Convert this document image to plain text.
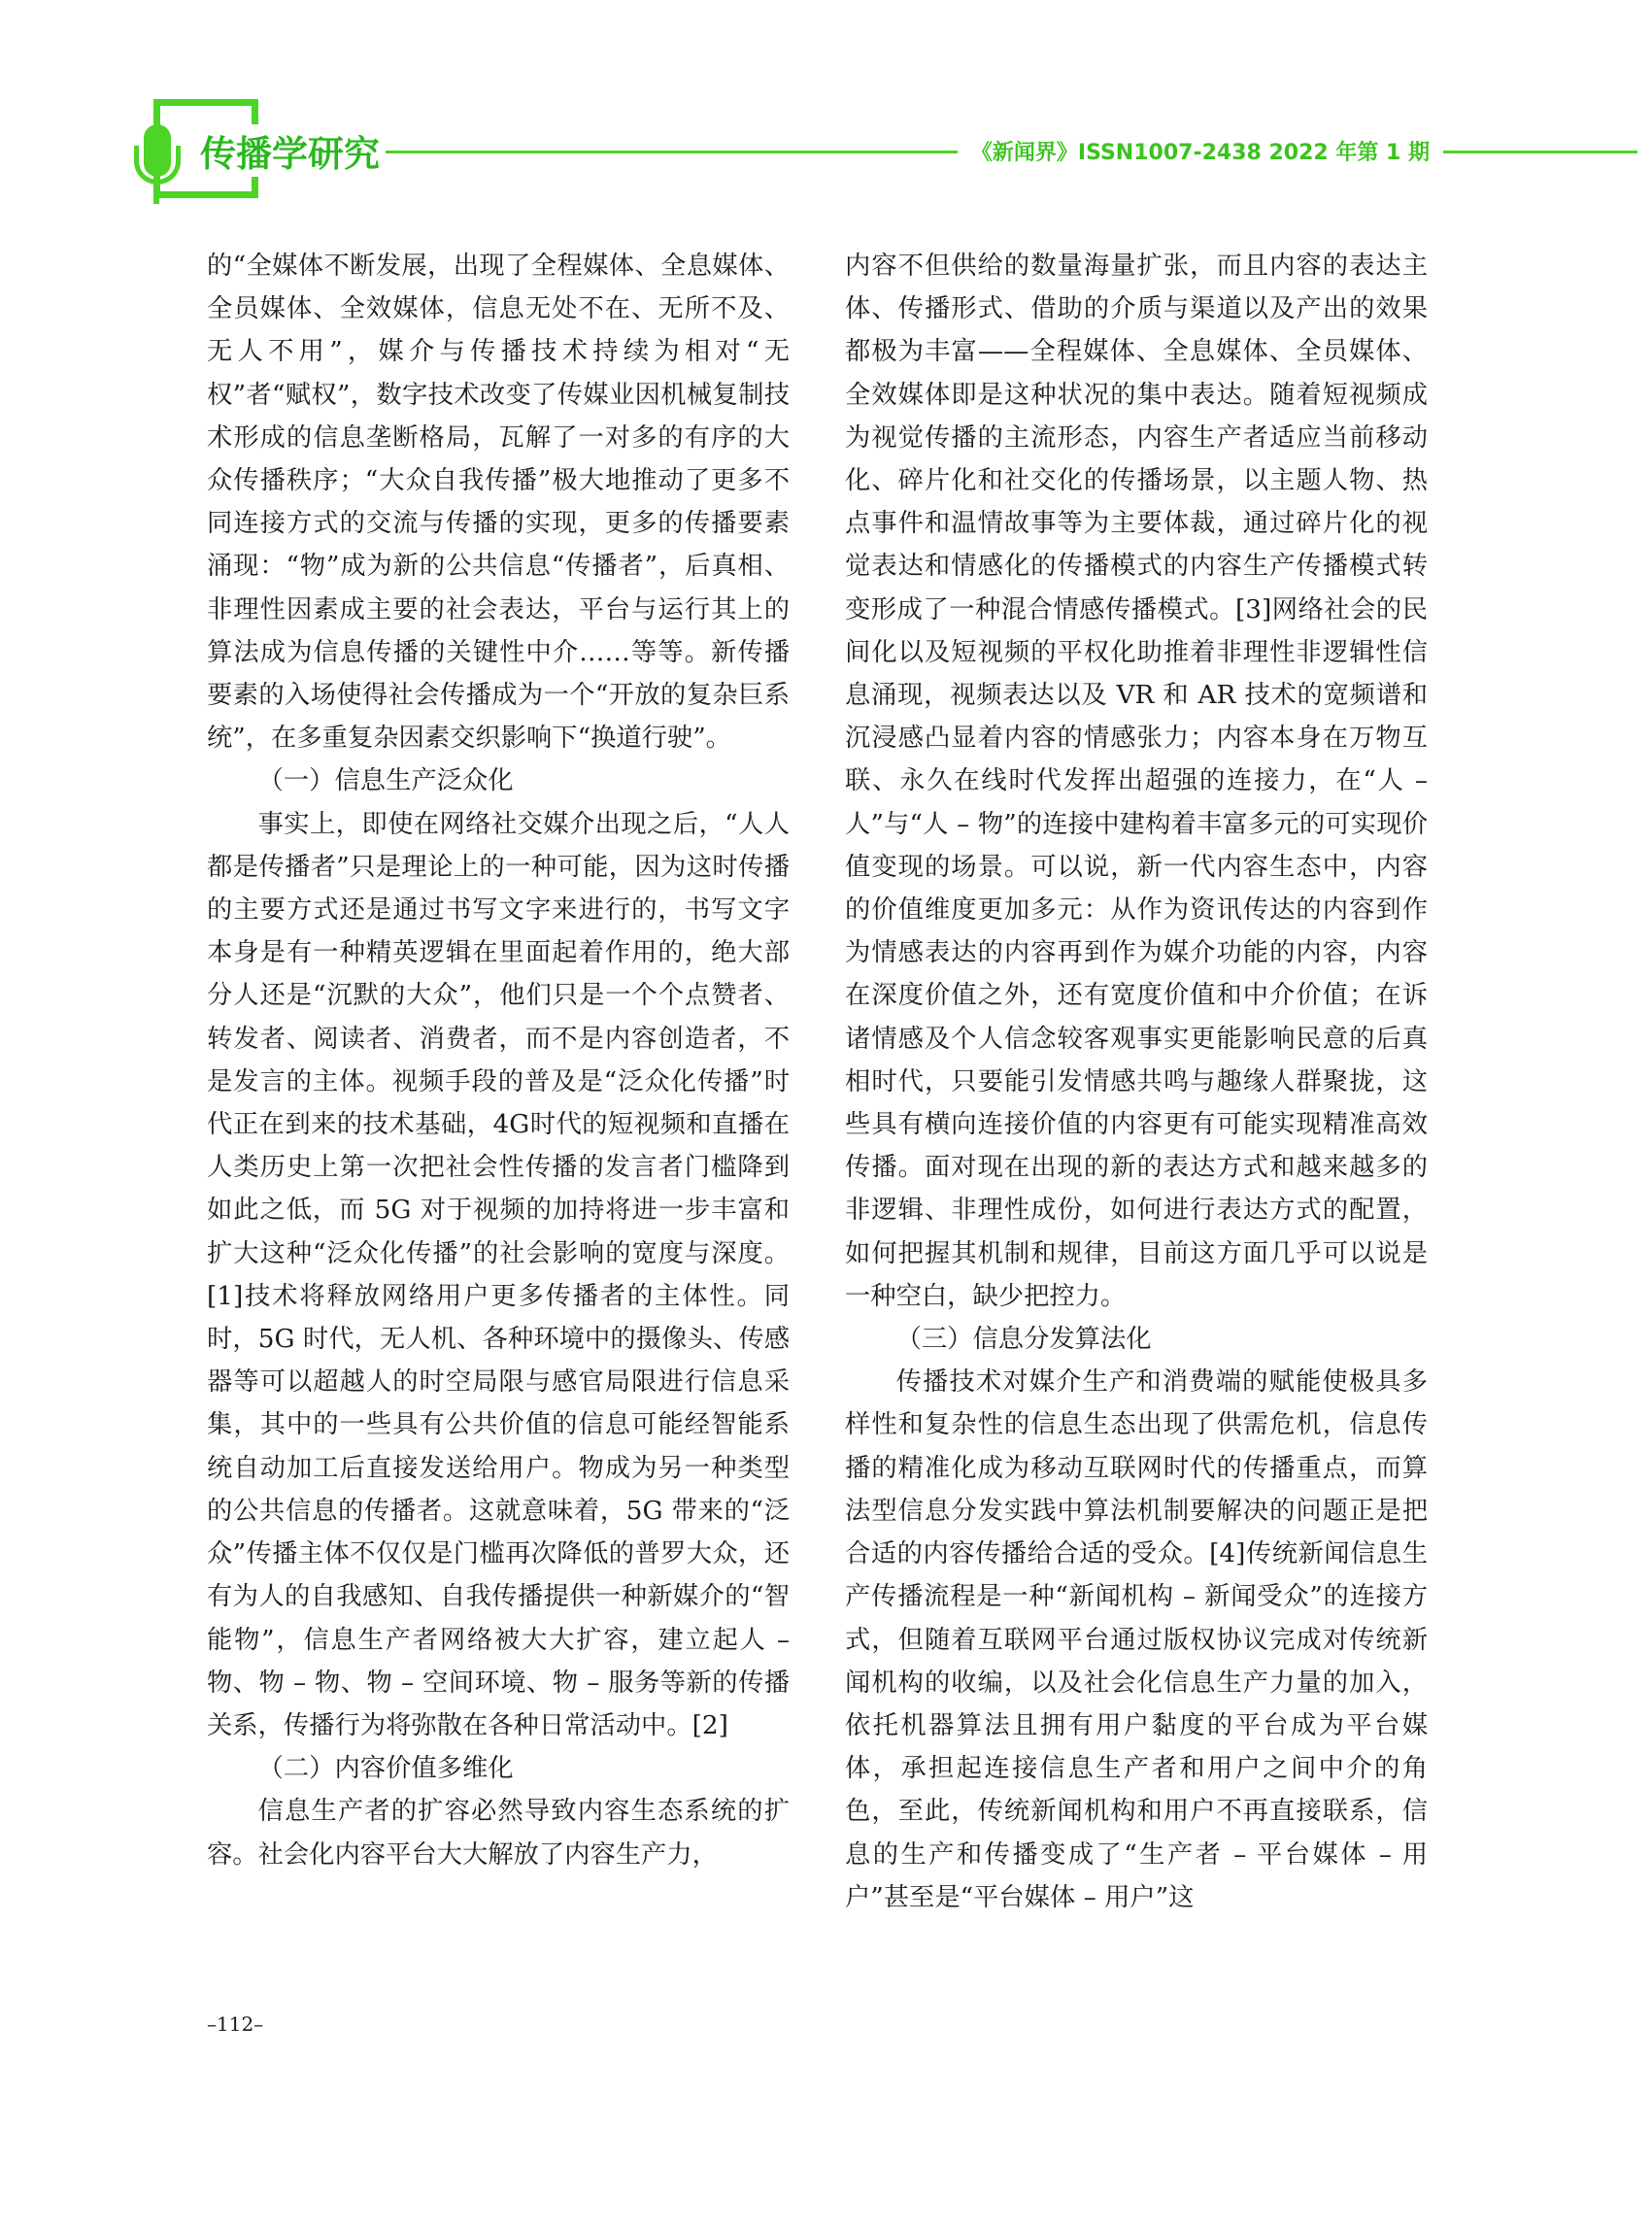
传播学研究	《新闻界》ISSN1007-2438 2022 年第 1 期

的“全媒体不断发展，出现了全程媒体、全息媒体、全员媒体、全效媒体，信息无处不在、无所不及、无人不用”，媒介与传播技术持续为相对“无权”者“赋权”，数字技术改变了传媒业因机械复制技术形成的信息垄断格局，瓦解了一对多的有序的大众传播秩序；“大众自我传播”极大地推动了更多不同连接方式的交流与传播的实现，更多的传播要素涌现：“物”成为新的公共信息“传播者”，后真相、非理性因素成主要的社会表达，平台与运行其上的算法成为信息传播的关键性中介……等等。新传播要素的入场使得社会传播成为一个“开放的复杂巨系统”，在多重复杂因素交织影响下“换道行驶”。

（一）信息生产泛众化

事实上，即使在网络社交媒介出现之后，“人人都是传播者”只是理论上的一种可能，因为这时传播的主要方式还是通过书写文字来进行的，书写文字本身是有一种精英逻辑在里面起着作用的，绝大部分人还是“沉默的大众”，他们只是一个个点赞者、转发者、阅读者、消费者，而不是内容创造者，不是发言的主体。视频手段的普及是“泛众化传播”时代正在到来的技术基础，4G时代的短视频和直播在人类历史上第一次把社会性传播的发言者门槛降到如此之低，而 5G 对于视频的加持将进一步丰富和扩大这种“泛众化传播”的社会影响的宽度与深度。[1]技术将释放网络用户更多传播者的主体性。同时，5G 时代，无人机、各种环境中的摄像头、传感器等可以超越人的时空局限与感官局限进行信息采集，其中的一些具有公共价值的信息可能经智能系统自动加工后直接发送给用户。物成为另一种类型的公共信息的传播者。这就意味着，5G 带来的“泛众”传播主体不仅仅是门槛再次降低的普罗大众，还有为人的自我感知、自我传播提供一种新媒介的“智能物”，信息生产者网络被大大扩容，建立起人 – 物、物 – 物、物 – 空间环境、物 – 服务等新的传播关系，传播行为将弥散在各种日常活动中。[2]

（二）内容价值多维化

信息生产者的扩容必然导致内容生态系统的扩容。社会化内容平台大大解放了内容生产力，

内容不但供给的数量海量扩张，而且内容的表达主体、传播形式、借助的介质与渠道以及产出的效果都极为丰富——全程媒体、全息媒体、全员媒体、全效媒体即是这种状况的集中表达。随着短视频成为视觉传播的主流形态，内容生产者适应当前移动化、碎片化和社交化的传播场景，以主题人物、热点事件和温情故事等为主要体裁，通过碎片化的视觉表达和情感化的传播模式的内容生产传播模式转变形成了一种混合情感传播模式。[3]网络社会的民间化以及短视频的平权化助推着非理性非逻辑性信息涌现，视频表达以及 VR 和 AR 技术的宽频谱和沉浸感凸显着内容的情感张力；内容本身在万物互联、永久在线时代发挥出超强的连接力，在“人 – 人”与“人 – 物”的连接中建构着丰富多元的可实现价值变现的场景。可以说，新一代内容生态中，内容的价值维度更加多元：从作为资讯传达的内容到作为情感表达的内容再到作为媒介功能的内容，内容在深度价值之外，还有宽度价值和中介价值；在诉诸情感及个人信念较客观事实更能影响民意的后真相时代，只要能引发情感共鸣与趣缘人群聚拢，这些具有横向连接价值的内容更有可能实现精准高效传播。面对现在出现的新的表达方式和越来越多的非逻辑、非理性成份，如何进行表达方式的配置，如何把握其机制和规律，目前这方面几乎可以说是一种空白，缺少把控力。

（三）信息分发算法化

传播技术对媒介生产和消费端的赋能使极具多样性和复杂性的信息生态出现了供需危机，信息传播的精准化成为移动互联网时代的传播重点，而算法型信息分发实践中算法机制要解决的问题正是把合适的内容传播给合适的受众。[4]传统新闻信息生产传播流程是一种“新闻机构 – 新闻受众”的连接方式，但随着互联网平台通过版权协议完成对传统新闻机构的收编，以及社会化信息生产力量的加入，依托机器算法且拥有用户黏度的平台成为平台媒体，承担起连接信息生产者和用户之间中介的角色，至此，传统新闻机构和用户不再直接联系，信息的生产和传播变成了“生产者 – 平台媒体 – 用户”甚至是“平台媒体 – 用户”这

–112–
